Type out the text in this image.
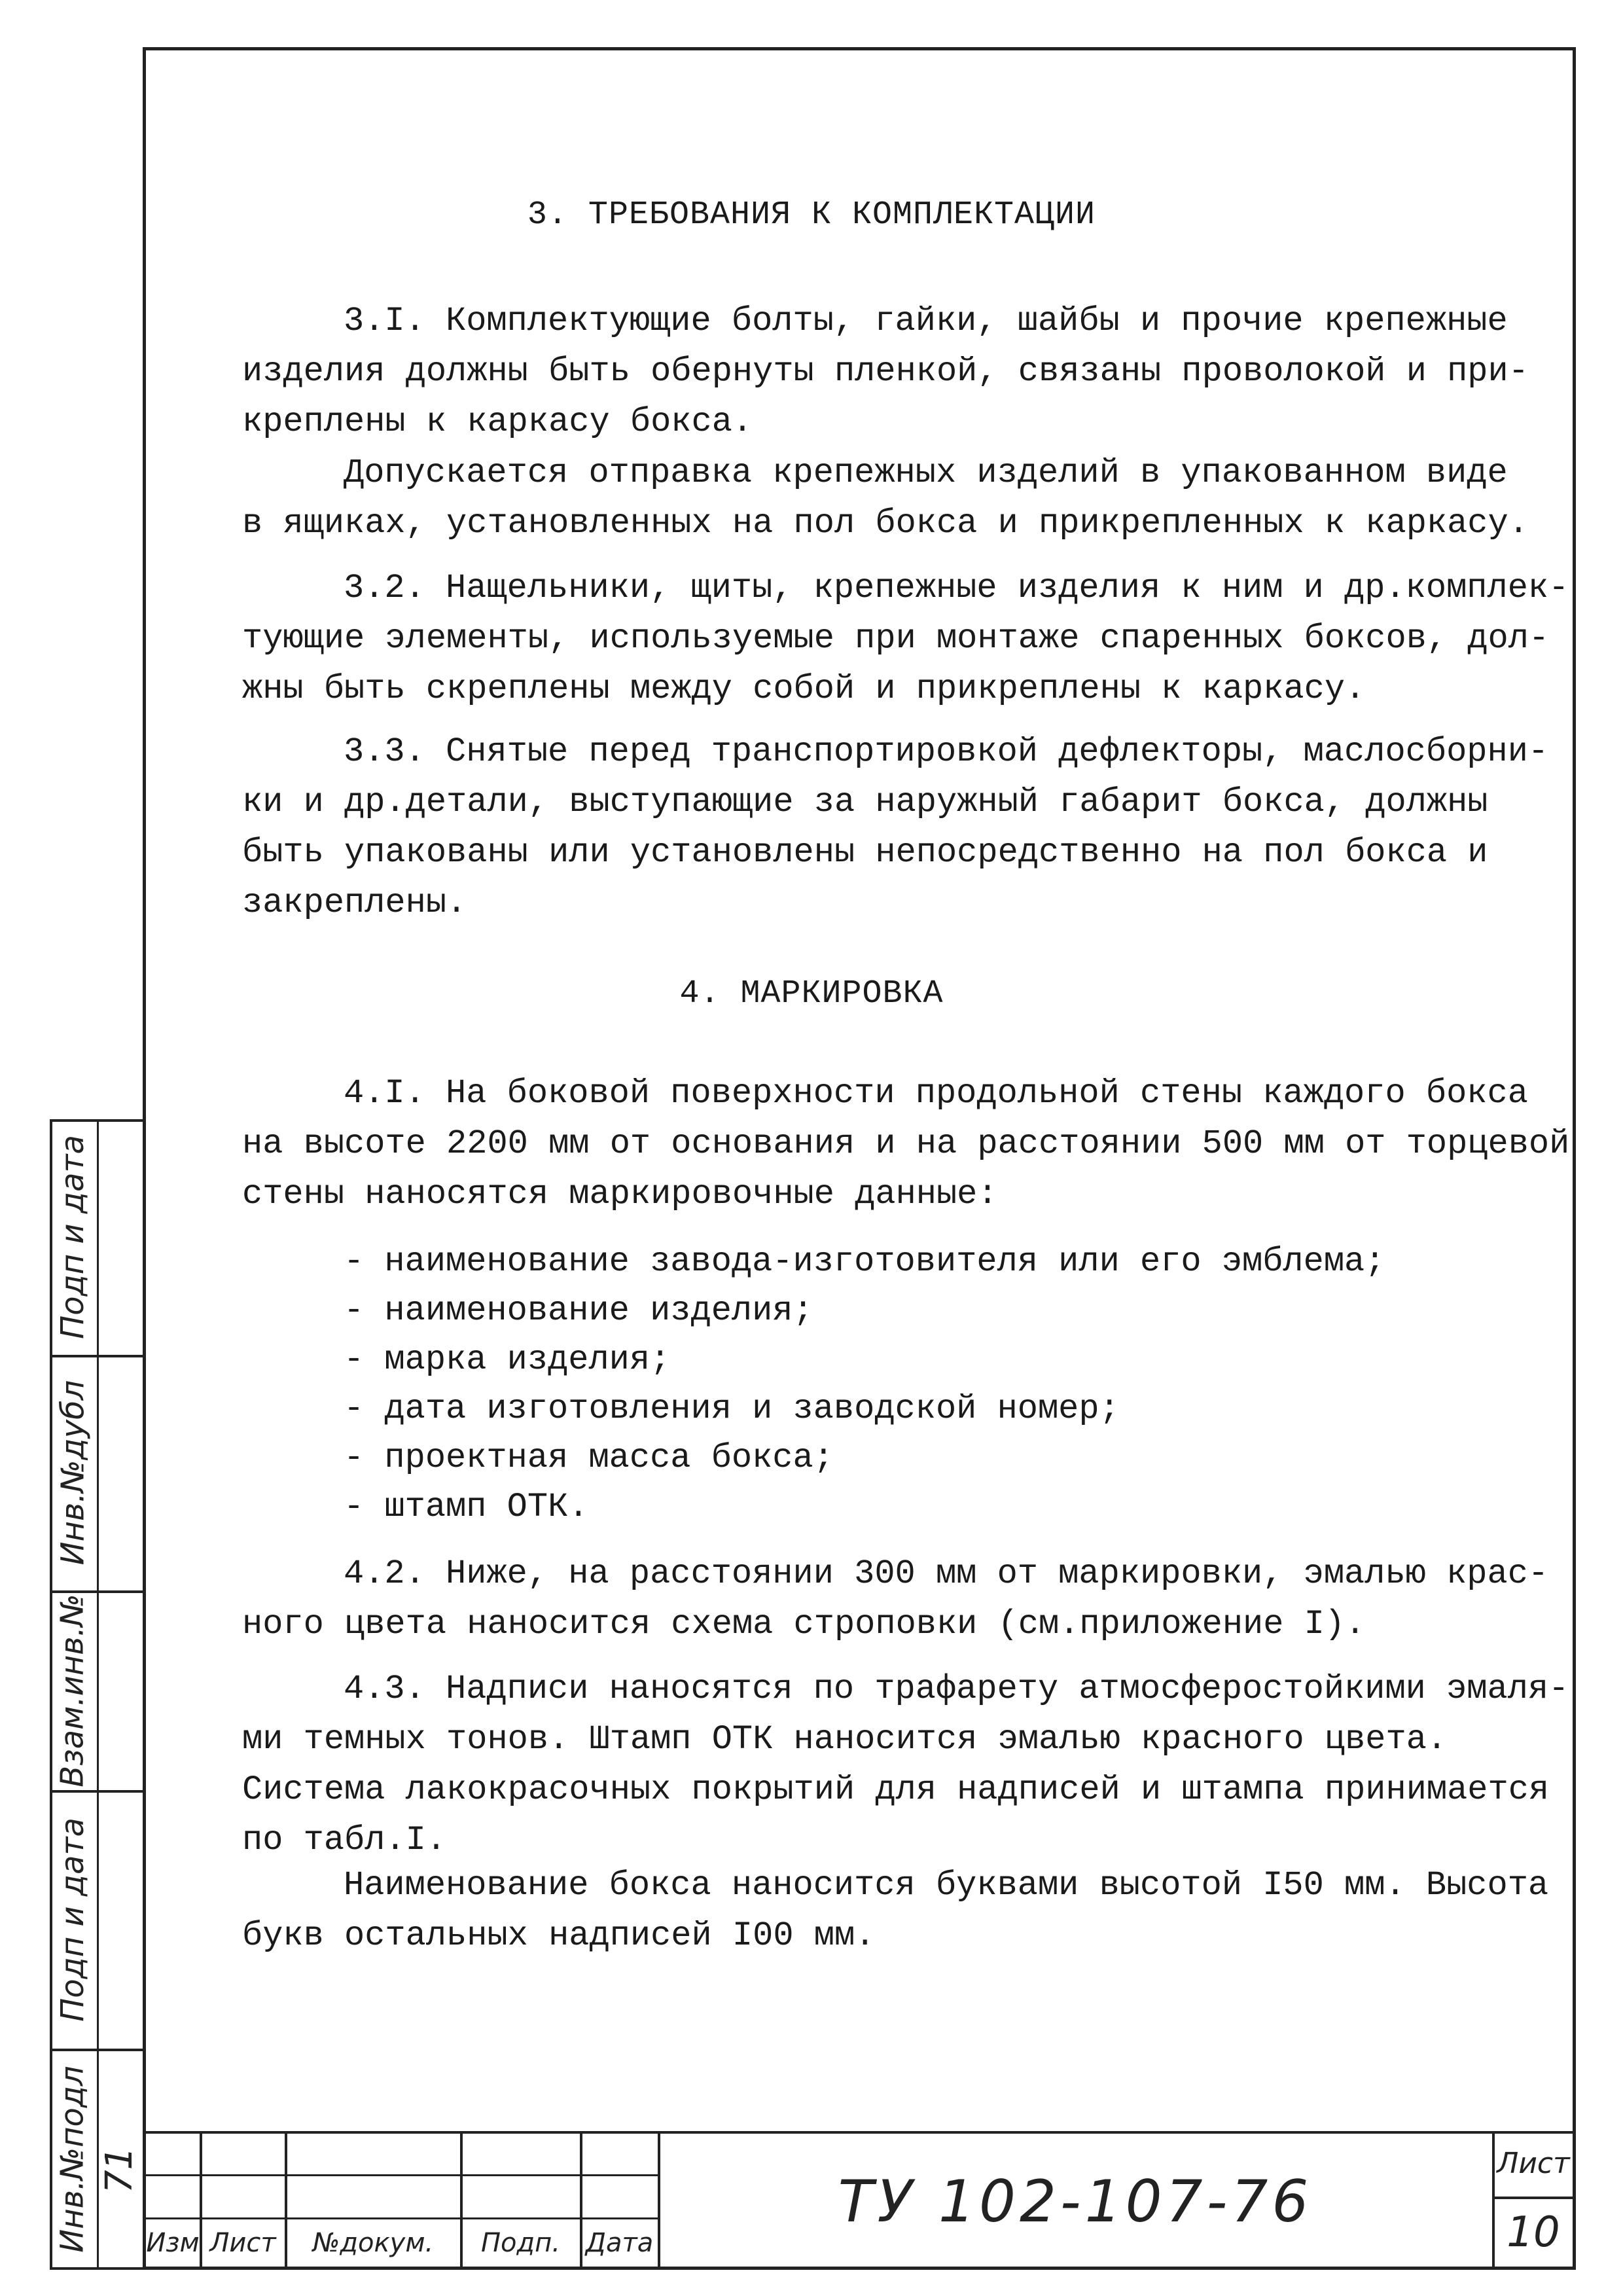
Подп и дата
Инв.№дубл
Взам.инв.№
Подп и дата
Инв.№подл 71
3. ТРЕБОВАНИЯ К КОМПЛЕКТАЦИИ
3.I. Комплектующие болты, гайки, шайбы и прочие крепежные
изделия должны быть обернуты пленкой, связаны проволокой и при-
креплены к каркасу бокса.
Допускается отправка крепежных изделий в упакованном виде
в ящиках, установленных на пол бокса и прикрепленных к каркасу.
3.2. Нащельники, щиты, крепежные изделия к ним и др.комплек-
тующие элементы, используемые при монтаже спаренных боксов, дол-
жны быть скреплены между собой и прикреплены к каркасу.
3.3. Снятые перед транспортировкой дефлекторы, маслосборни-
ки и др.детали, выступающие за наружный габарит бокса, должны
быть упакованы или установлены непосредственно на пол бокса и
закреплены.
4. МАРКИРОВКА
4.I. На боковой поверхности продольной стены каждого бокса
на высоте 2200 мм от основания и на расстоянии 500 мм от торцевой
стены наносятся маркировочные данные:
- наименование завода-изготовителя или его эмблема;
- наименование изделия;
- марка изделия;
- дата изготовления и заводской номер;
- проектная масса бокса;
- штамп ОТК.
4.2. Ниже, на расстоянии 300 мм от маркировки, эмалью крас-
ного цвета наносится схема строповки (см.приложение I).
4.3. Надписи наносятся по трафарету атмосферостойкими эмаля-
ми темных тонов. Штамп ОТК наносится эмалью красного цвета.
Система лакокрасочных покрытий для надписей и штампа принимается
по табл.I.
Наименование бокса наносится буквами высотой I50 мм. Высота
букв остальных надписей I00 мм.
Изм Лист	№докум.	Подп. Дата
ТУ 102-107-76
Лист
10
